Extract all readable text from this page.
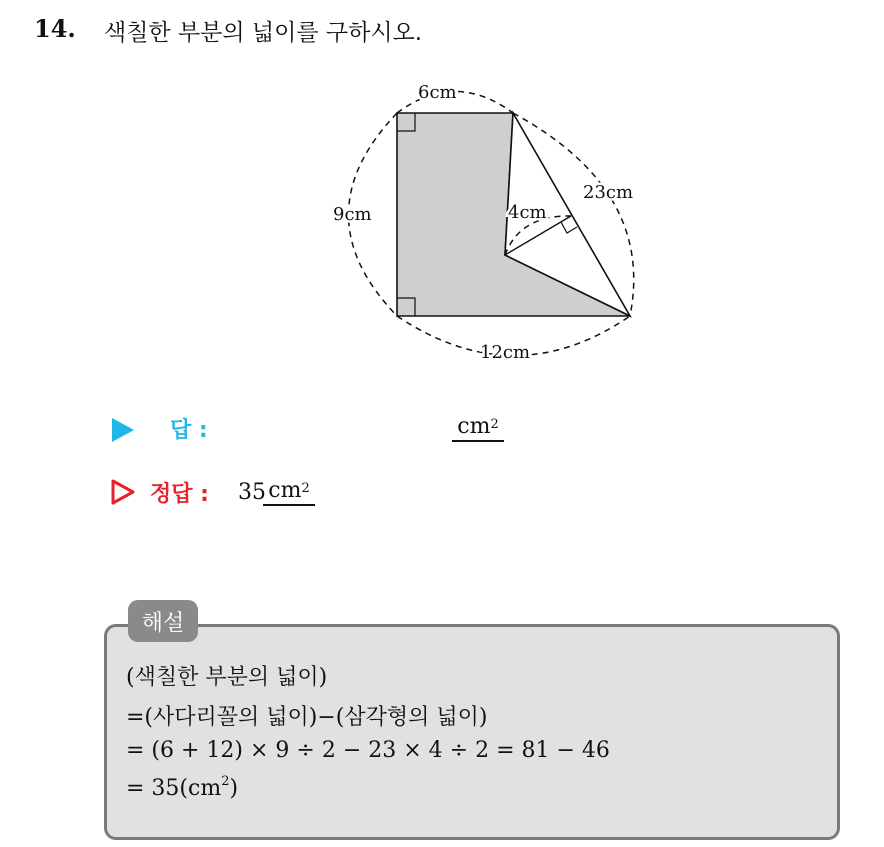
14. 색칠한 부분의 넓이를 구하시오.
6cm
9cm
12cm
4cm
23cm
답 :	$cm^2$
정답 : 35 $cm^2$
해설
(색칠한 부분의 넓이)
=(사다리꼴의 넓이)−(삼각형의 넓이)
= (6 + 12) × 9 ÷ 2 − 23 × 4 ÷ 2 = 81 − 46
= $35(cm^2)$
